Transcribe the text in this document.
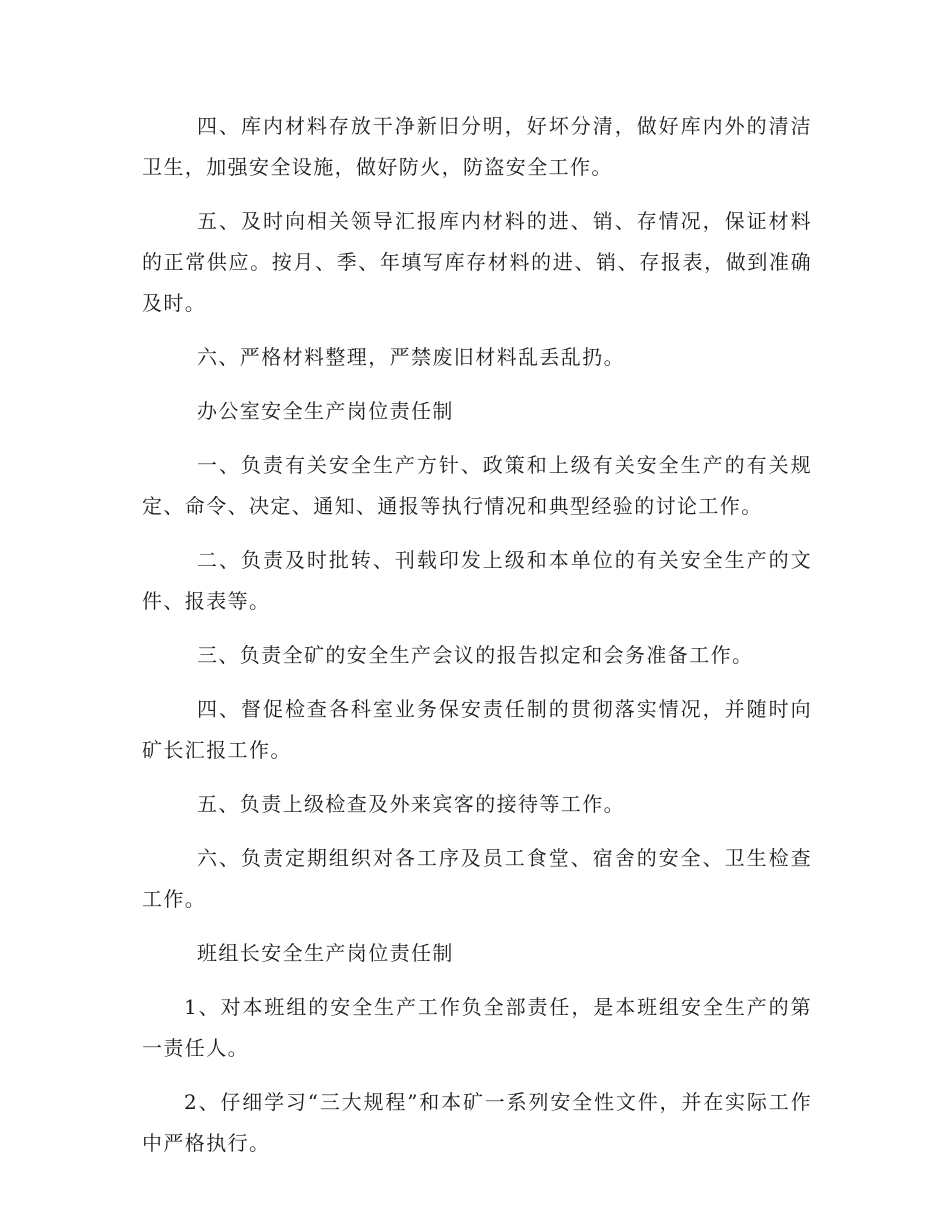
四、库内材料存放干净新旧分明，好坏分清，做好库内外的清洁卫生，加强安全设施，做好防火，防盗安全工作。

五、及时向相关领导汇报库内材料的进、销、存情况，保证材料的正常供应。按月、季、年填写库存材料的进、销、存报表，做到准确及时。

六、严格材料整理，严禁废旧材料乱丢乱扔。

办公室安全生产岗位责任制

一、负责有关安全生产方针、政策和上级有关安全生产的有关规定、命令、决定、通知、通报等执行情况和典型经验的讨论工作。

二、负责及时批转、刊载印发上级和本单位的有关安全生产的文件、报表等。

三、负责全矿的安全生产会议的报告拟定和会务准备工作。

四、督促检查各科室业务保安责任制的贯彻落实情况，并随时向矿长汇报工作。

五、负责上级检查及外来宾客的接待等工作。

六、负责定期组织对各工序及员工食堂、宿舍的安全、卫生检查工作。

班组长安全生产岗位责任制

1、对本班组的安全生产工作负全部责任，是本班组安全生产的第一责任人。

2、仔细学习“三大规程”和本矿一系列安全性文件，并在实际工作中严格执行。
